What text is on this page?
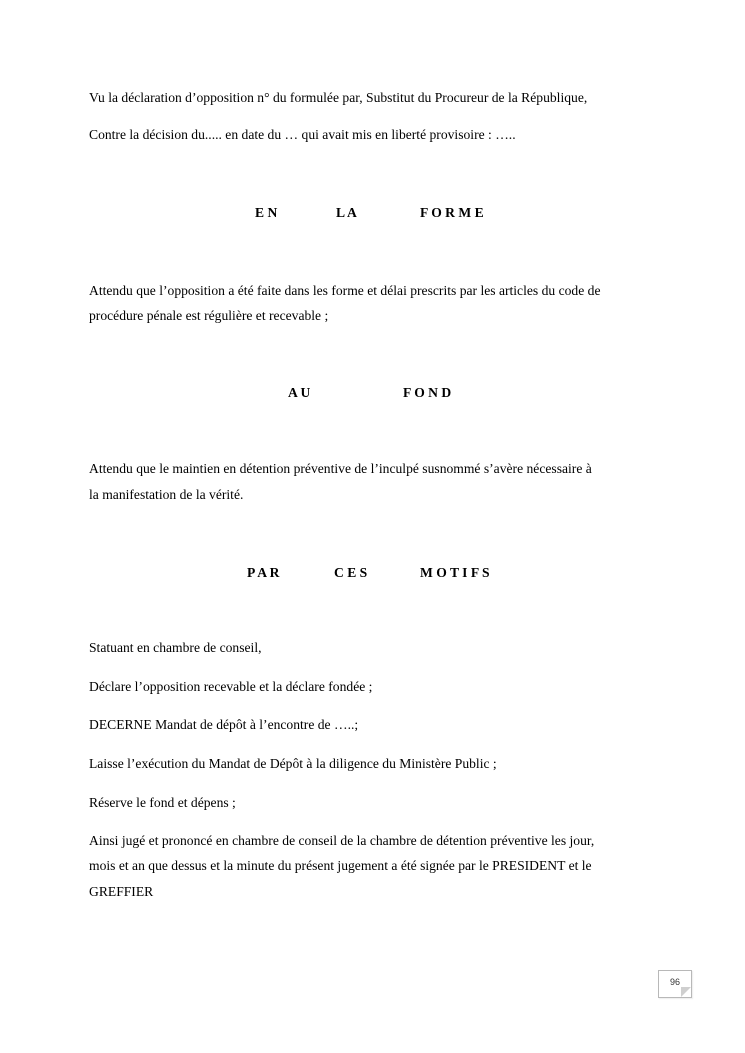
Vu la déclaration d’opposition n° du formulée par, Substitut du Procureur de la République,
Contre la décision du..... en date du … qui avait mis en liberté provisoire : …..
E N	L A	F O R M E
Attendu que l’opposition a été faite dans les forme et délai prescrits par les articles du code de
procédure pénale est régulière et recevable ;
A U	F O N D
Attendu que le maintien en détention préventive de l’inculpé susnommé s’avère nécessaire à
la manifestation de la vérité.
P A R	C E S	M O T I F S
Statuant en chambre de conseil,
Déclare l’opposition recevable et la déclare fondée ;
DECERNE Mandat de dépôt à l’encontre de …..;
Laisse l’exécution du Mandat de Dépôt à la diligence du Ministère Public ;
Réserve le fond et dépens ;
Ainsi jugé et prononcé en chambre de conseil de la chambre de détention préventive les jour,
mois et an que dessus et la minute du présent jugement a été signée par le PRESIDENT et le
GREFFIER
96
